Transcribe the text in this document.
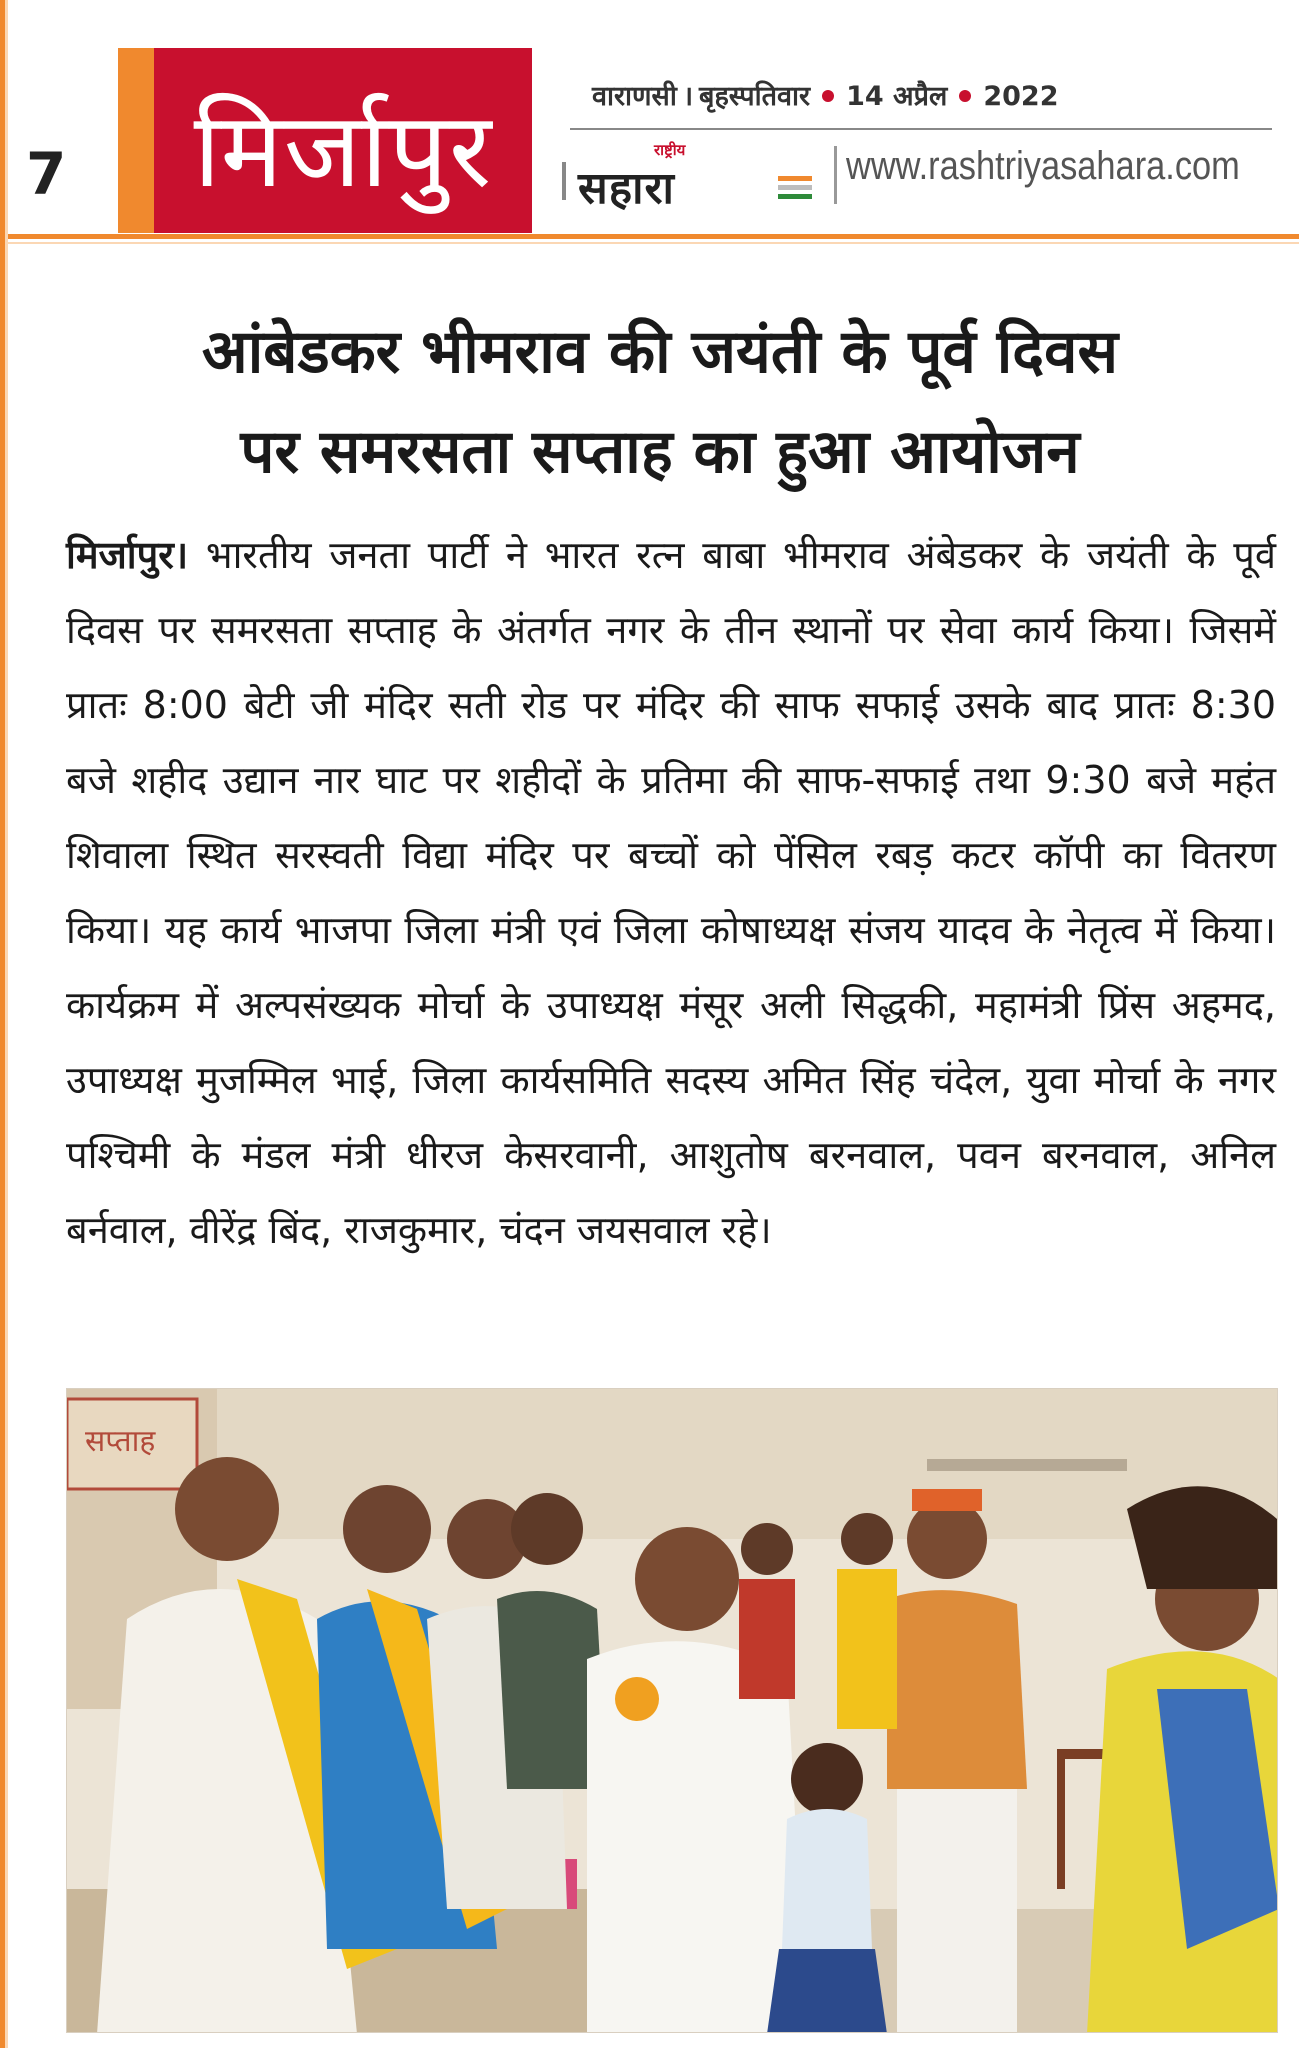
7	मिर्जापुर	वाराणसी । बृहस्पतिवार 14 अप्रैल 2022
राष्ट्रीय
सहारा	www.rashtriyasahara.com
आंबेडकर भीमराव की जयंती के पूर्व दिवस
पर समरसता सप्ताह का हुआ आयोजन

मिर्जापुर। भारतीय जनता पार्टी ने भारत रत्न बाबा भीमराव अंबेडकर के जयंती के पूर्व दिवस पर समरसता सप्ताह के अंतर्गत नगर के तीन स्थानों पर सेवा कार्य किया। जिसमें प्रातः 8:00 बेटी जी मंदिर सती रोड पर मंदिर की साफ सफाई उसके बाद प्रातः 8:30 बजे शहीद उद्यान नार घाट पर शहीदों के प्रतिमा की साफ-सफाई तथा 9:30 बजे महंत शिवाला स्थित सरस्वती विद्या मंदिर पर बच्चों को पेंसिल रबड़ कटर कॉपी का वितरण किया। यह कार्य भाजपा जिला मंत्री एवं जिला कोषाध्यक्ष संजय यादव के नेतृत्व में किया। कार्यक्रम में अल्पसंख्यक मोर्चा के उपाध्यक्ष मंसूर अली सिद्धकी, महामंत्री प्रिंस अहमद, उपाध्यक्ष मुजम्मिल भाई, जिला कार्यसमिति सदस्य अमित सिंह चंदेल, युवा मोर्चा के नगर पश्चिमी के मंडल मंत्री धीरज केसरवानी, आशुतोष बरनवाल, पवन बरनवाल, अनिल बर्नवाल, वीरेंद्र बिंद, राजकुमार, चंदन जयसवाल रहे।

सप्ताह
